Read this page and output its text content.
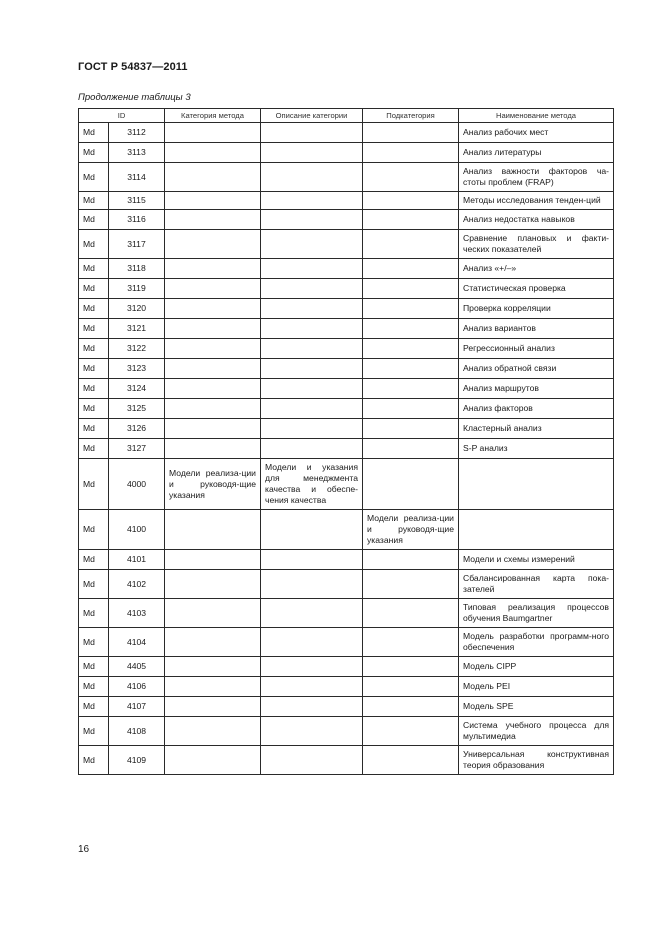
ГОСТ Р 54837—2011
Продолжение таблицы 3
ID		Категория метода	Описание категории	Подкатегория	Наименование метода
Md	3112				Анализ рабочих мест
Md	3113				Анализ литературы
Md	3114				Анализ важности факторов ча-стоты проблем (FRAP)
Md	3115				Методы исследования тенден-ций
Md	3116				Анализ недостатка навыков
Md	3117				Сравнение плановых и факти-ческих показателей
Md	3118				Анализ «+/–»
Md	3119				Статистическая проверка
Md	3120				Проверка корреляции
Md	3121				Анализ вариантов
Md	3122				Регрессионный анализ
Md	3123				Анализ обратной связи
Md	3124				Анализ маршрутов
Md	3125				Анализ факторов
Md	3126				Кластерный анализ
Md	3127				S-P анализ
Md	4000	Модели реализа-ции и руководя-щие указания	Модели и указания для менеджмента качества и обеспе-чения качества		
Md	4100			Модели реализа-ции и руководя-щие указания	
Md	4101				Модели и схемы измерений
Md	4102				Сбалансированная карта пока-зателей
Md	4103				Типовая реализация процессов обучения Baumgartner
Md	4104				Модель разработки программ-ного обеспечения
Md	4405				Модель CIPP
Md	4106				Модель PEI
Md	4107				Модель SPE
Md	4108				Система учебного процесса для мультимедиа
Md	4109				Универсальная конструктивная теория образования
16
